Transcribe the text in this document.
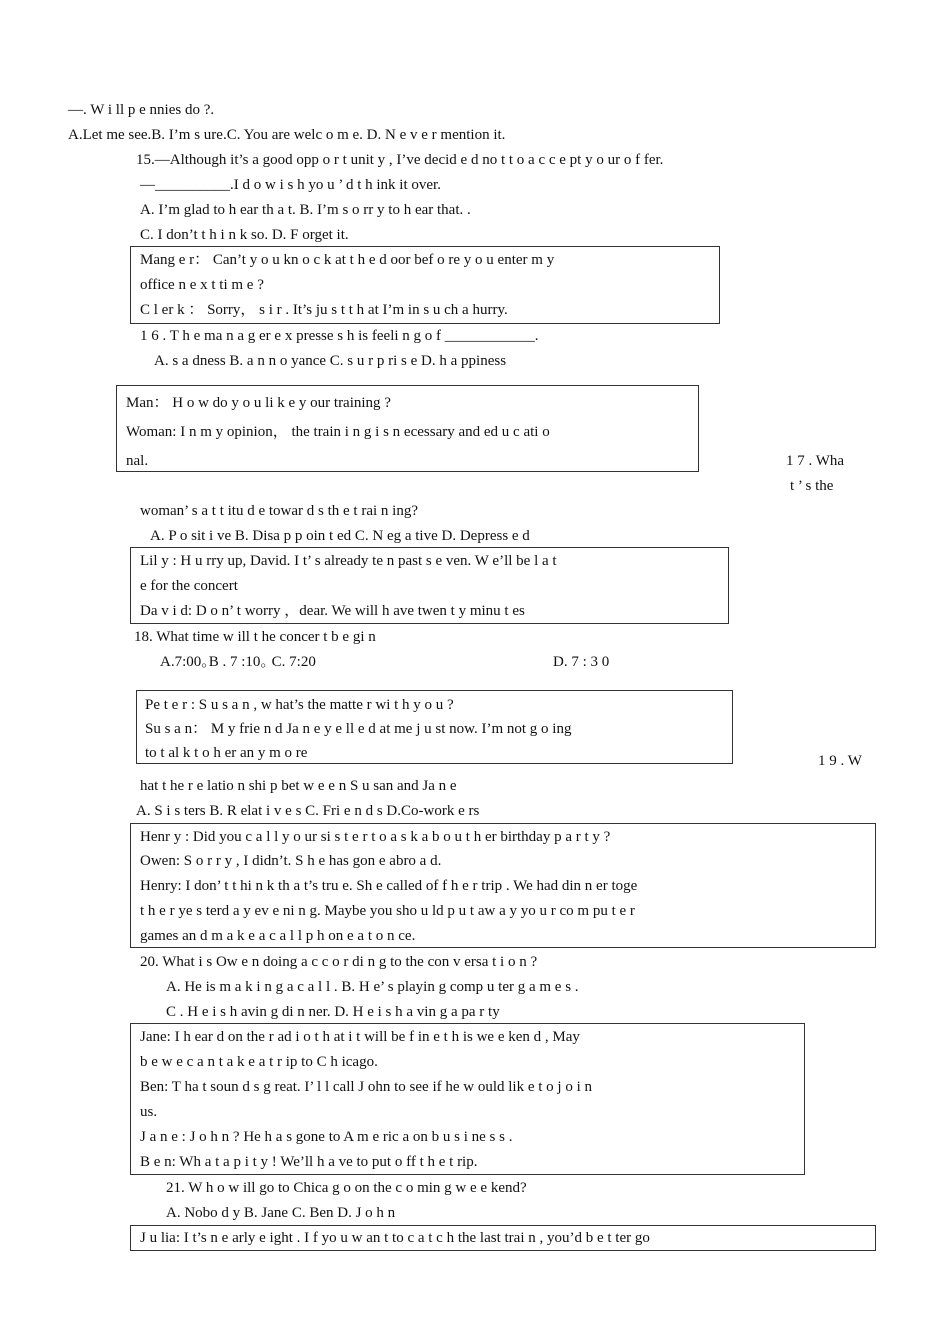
—. W i ll p e nnies do ?.
A.Let me see.B. I’m s ure.C. You are welc o m e. D. N e v e r mention it.
15.—Although it’s a good opp o r t unit y , I’ve decid e d no t t o a c c e pt y o ur o f fer.
—__________.I d o w i s h yo u ’ d t h ink it over.
A. I’m glad to h ear th a t. B. I’m s o rr y to h ear that. .
C. I don’t t h i n k so. D. F orget it.
Mang e r： Can’t y o u kn o c k at t h e d oor bef o re y o u enter m y
office n e x t ti m e ?
C l er k ： Sorry， s i r . It’s ju s t t h at I’m in s u ch a hurry.
1 6 . T h e ma n a g er e x presse s h is feeli n g o f ____________.
A. s a dness B. a n n o yance C. s u r p ri s e D. h a ppiness
Man： H o w do y o u li k e y our training ?
Woman: I n m y opinion， the train i n g i s n ecessary and ed u c ati o
nal.	1 7 . Wha
t ’ s the
woman’ s a t t itu d e towar d s th e t rai n ing?
A. P o sit i ve B. Disa p p oin t ed C. N eg a tive D. Depress e d
Lil y : H u rry up, David. I t’ s already te n past s e ven. W e’ll be l a t
e for the concert
Da v i d: D o n’ t worry ，dear. We will h ave twen t y minu t es
18. What time w ill t he concer t b e gi n
A.7:00｡B . 7 :10｡ C. 7:20	D. 7 : 3 0
Pe t e r : S u s a n , w hat’s the matte r wi t h y o u ?
Su s a n： M y frie n d Ja n e y e ll e d at me j u st now. I’m not g o ing
to t al k t o h er an y m o re	1 9 . W
hat t he r e latio n shi p bet w e e n S u san and Ja n e
A. S i s ters B. R elat i v e s C. Fri e n d s D.Co-work e rs
Henr y : Did you c a l l y o ur si s t e r t o a s k a b o u t h er birthday p a r t y ?
Owen: S o r r y , I didn’t. S h e has gon e abro a d.
Henry: I don’ t t hi n k th a t’s tru e. Sh e called of f h e r trip . We had din n er toge
t h e r ye s terd a y ev e ni n g. Maybe you sho u ld p u t aw a y yo u r co m pu t e r
games an d m a k e a c a l l p h on e a t o n ce.
20. What i s Ow e n doing a c c o r di n g to the con v ersa t i o n ?
A. He is m a k i n g a c a l l . B. H e’ s playin g comp u ter g a m e s .
C . H e i s h avin g di n ner. D. H e i s h a vin g a pa r ty
Jane: I h ear d on the r ad i o t h at i t will be f in e t h is we e ken d , May
b e w e c a n t a k e a t r ip to C h icago.
Ben: T ha t soun d s g reat. I’ l l call J ohn to see if he w ould lik e t o j o i n
us.
J a n e : J o h n ? He h a s gone to A m e ric a on b u s i ne s s .
B e n: Wh a t a p i t y ! We’ll h a ve to put o ff t h e t rip.
21. W h o w ill go to Chica g o on the c o min g w e e kend?
A. Nobo d y B. Jane C. Ben D. J o h n
J u lia: I t’s n e arly e ight . I f yo u w an t to c a t c h the last trai n , you’d b e t ter go
